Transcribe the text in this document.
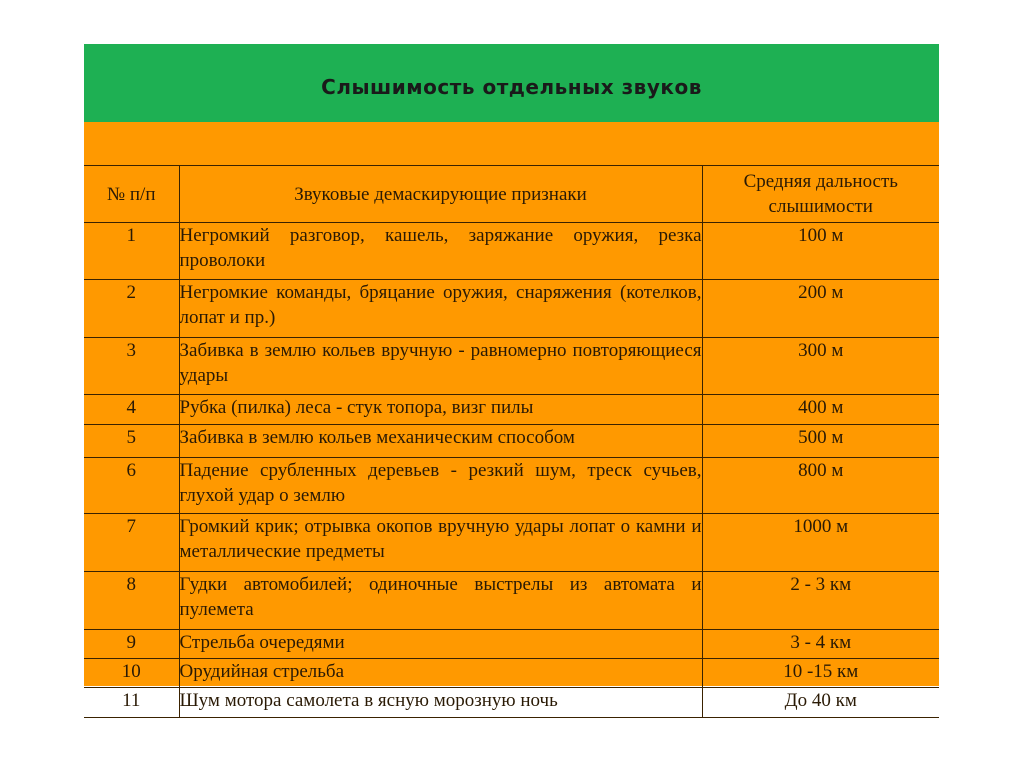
Слышимость отдельных звуков
№ п/п	Звуковые демаскирующие признаки	Средняя дальность слышимости
1	Негромкий разговор, кашель, заряжание оружия, резка проволоки	100 м
2	Негромкие команды, бряцание оружия, снаряжения (котелков, лопат и пр.)	200 м
3	Забивка в землю кольев вручную - равномерно повторяющиеся удары	300 м
4	Рубка (пилка) леса - стук топора, визг пилы	400 м
5	Забивка в землю кольев механическим способом	500 м
6	Падение срубленных деревьев - резкий шум, треск сучьев, глухой удар о землю	800 м
7	Громкий крик; отрывка окопов вручную удары лопат о камни и металлические предметы	1000 м
8	Гудки автомобилей; одиночные выстрелы из автомата и пулемета	2 - 3 км
9	Стрельба очередями	3 - 4 км
10	Орудийная стрельба	10 -15 км
11	Шум мотора самолета в ясную морозную ночь	До 40 км
